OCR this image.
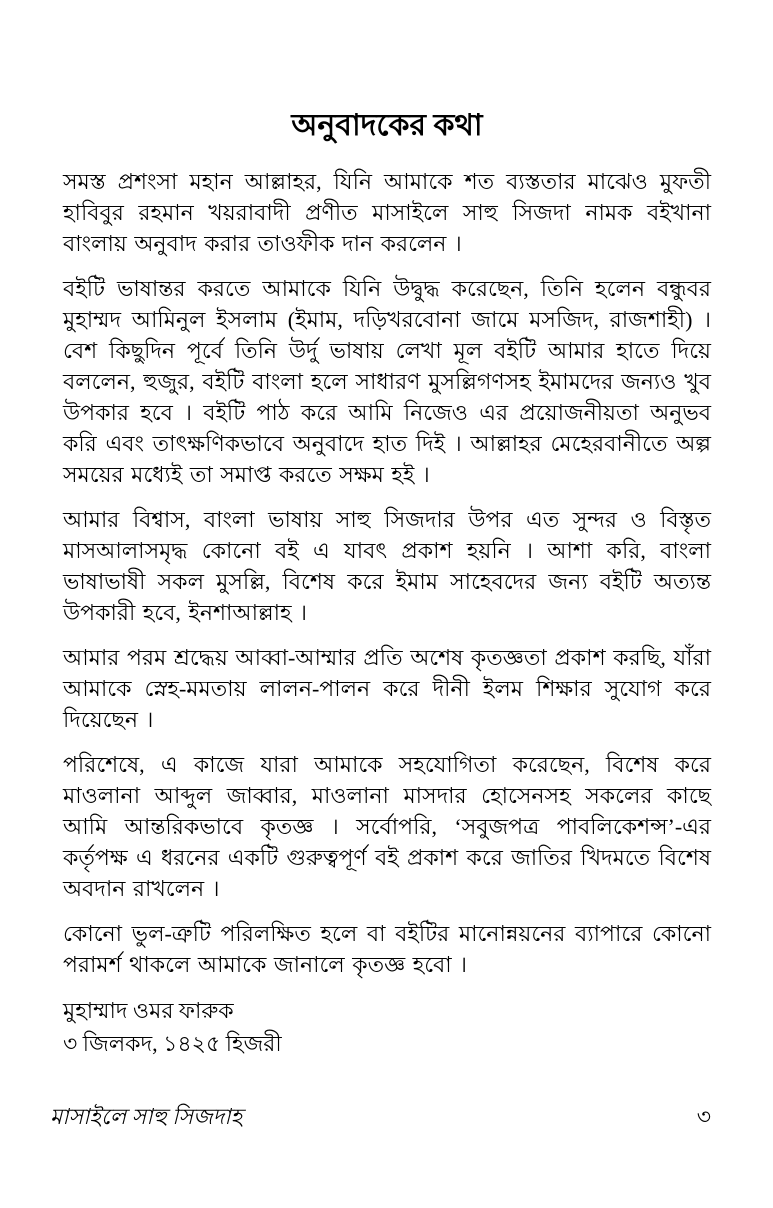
অনুবাদকের কথা

সমস্ত প্রশংসা মহান আল্লাহর, যিনি আমাকে শত ব্যস্ততার মাঝেও মুফতী হাবিবুর রহমান খয়রাবাদী প্রণীত মাসাইলে সাহু সিজদা নামক বইখানা বাংলায় অনুবাদ করার তাওফীক দান করলেন ।

বইটি ভাষান্তর করতে আমাকে যিনি উদ্বুদ্ধ করেছেন, তিনি হলেন বন্ধুবর মুহাম্মদ আমিনুল ইসলাম (ইমাম, দড়িখরবোনা জামে মসজিদ, রাজশাহী) । বেশ কিছুদিন পূর্বে তিনি উর্দু ভাষায় লেখা মূল বইটি আমার হাতে দিয়ে বললেন, হুজুর, বইটি বাংলা হলে সাধারণ মুসল্লিগণসহ ইমামদের জন্যও খুব উপকার হবে । বইটি পাঠ করে আমি নিজেও এর প্রয়োজনীয়তা অনুভব করি এবং তাৎক্ষণিকভাবে অনুবাদে হাত দিই । আল্লাহর মেহেরবানীতে অল্প সময়ের মধ্যেই তা সমাপ্ত করতে সক্ষম হই ।

আমার বিশ্বাস, বাংলা ভাষায় সাহু সিজদার উপর এত সুন্দর ও বিস্তৃত মাসআলাসমৃদ্ধ কোনো বই এ যাবৎ প্রকাশ হয়নি । আশা করি, বাংলা ভাষাভাষী সকল মুসল্লি, বিশেষ করে ইমাম সাহেবদের জন্য বইটি অত্যন্ত উপকারী হবে, ইনশাআল্লাহ ।

আমার পরম শ্রদ্ধেয় আব্বা-আম্মার প্রতি অশেষ কৃতজ্ঞতা প্রকাশ করছি, যাঁরা আমাকে স্নেহ-মমতায় লালন-পালন করে দীনী ইলম শিক্ষার সুযোগ করে দিয়েছেন ।

পরিশেষে, এ কাজে যারা আমাকে সহযোগিতা করেছেন, বিশেষ করে মাওলানা আব্দুল জাব্বার, মাওলানা মাসদার হোসেনসহ সকলের কাছে আমি আন্তরিকভাবে কৃতজ্ঞ । সর্বোপরি, ‘সবুজপত্র পাবলিকেশন্স’-এর কর্তৃপক্ষ এ ধরনের একটি গুরুত্বপূর্ণ বই প্রকাশ করে জাতির খিদমতে বিশেষ অবদান রাখলেন ।

কোনো ভুল-ত্রুটি পরিলক্ষিত হলে বা বইটির মানোন্নয়নের ব্যাপারে কোনো পরামর্শ থাকলে আমাকে জানালে কৃতজ্ঞ হবো ।

মুহাম্মাদ ওমর ফারুক

৩ জিলকদ, ১৪২৫ হিজরী

মাসাইলে সাহু সিজদাহ	৩
